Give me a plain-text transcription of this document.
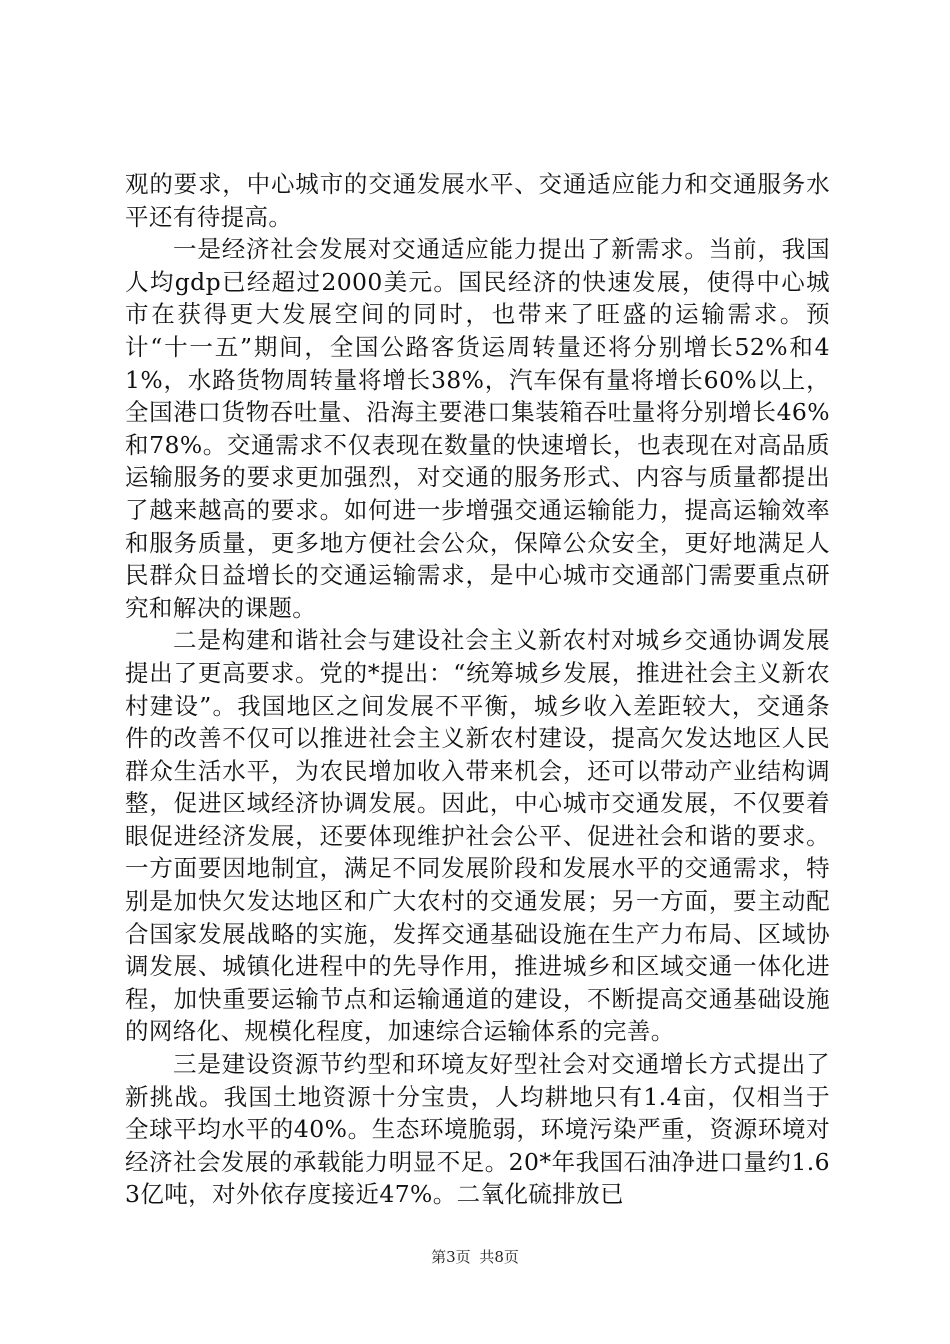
观的要求，中心城市的交通发展水平、交通适应能力和交通服务水平还有待提高。

一是经济社会发展对交通适应能力提出了新需求。当前，我国人均gdp已经超过2000美元。国民经济的快速发展，使得中心城市在获得更大发展空间的同时，也带来了旺盛的运输需求。预计“十一五”期间，全国公路客货运周转量还将分别增长52%和41%，水路货物周转量将增长38%，汽车保有量将增长60%以上，全国港口货物吞吐量、沿海主要港口集装箱吞吐量将分别增长46%和78%。交通需求不仅表现在数量的快速增长，也表现在对高品质运输服务的要求更加强烈，对交通的服务形式、内容与质量都提出了越来越高的要求。如何进一步增强交通运输能力，提高运输效率和服务质量，更多地方便社会公众，保障公众安全，更好地满足人民群众日益增长的交通运输需求，是中心城市交通部门需要重点研究和解决的课题。

二是构建和谐社会与建设社会主义新农村对城乡交通协调发展提出了更高要求。党的*提出：“统筹城乡发展，推进社会主义新农村建设”。我国地区之间发展不平衡，城乡收入差距较大，交通条件的改善不仅可以推进社会主义新农村建设，提高欠发达地区人民群众生活水平，为农民增加收入带来机会，还可以带动产业结构调整，促进区域经济协调发展。因此，中心城市交通发展，不仅要着眼促进经济发展，还要体现维护社会公平、促进社会和谐的要求。一方面要因地制宜，满足不同发展阶段和发展水平的交通需求，特别是加快欠发达地区和广大农村的交通发展；另一方面，要主动配合国家发展战略的实施，发挥交通基础设施在生产力布局、区域协调发展、城镇化进程中的先导作用，推进城乡和区域交通一体化进程，加快重要运输节点和运输通道的建设，不断提高交通基础设施的网络化、规模化程度，加速综合运输体系的完善。

三是建设资源节约型和环境友好型社会对交通增长方式提出了新挑战。我国土地资源十分宝贵，人均耕地只有1.4亩，仅相当于全球平均水平的40%。生态环境脆弱，环境污染严重，资源环境对经济社会发展的承载能力明显不足。20*年我国石油净进口量约1.63亿吨，对外依存度接近47%。二氧化硫排放已

第3页 共8页
